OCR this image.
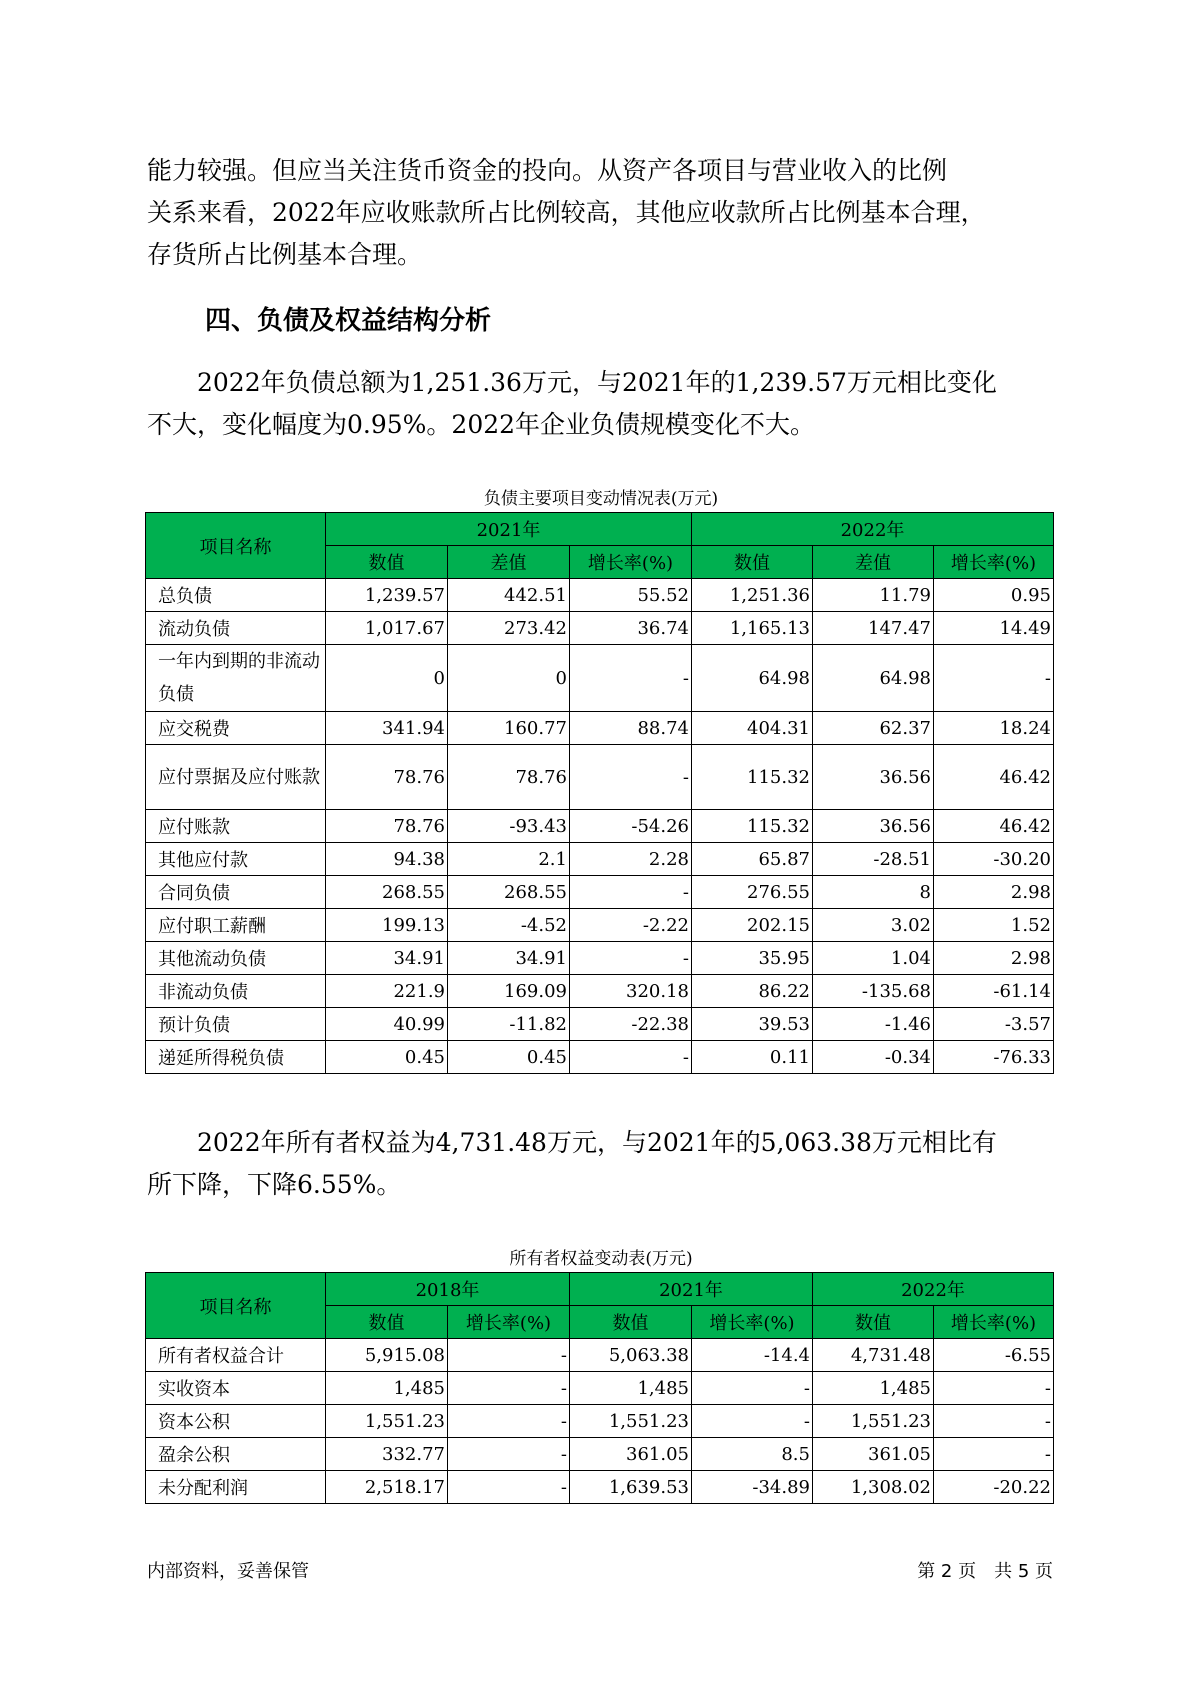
能力较强。但应当关注货币资金的投向。从资产各项目与营业收入的比例
关系来看，2022年应收账款所占比例较高，其他应收款所占比例基本合理，
存货所占比例基本合理。

四、负债及权益结构分析

　　2022年负债总额为1,251.36万元，与2021年的1,239.57万元相比变化
不大，变化幅度为0.95%。2022年企业负债规模变化不大。

负债主要项目变动情况表(万元)
项目名称	2021年			2022年		
	数值	差值	增长率(%)	数值	差值	增长率(%)
总负债	1,239.57	442.51	55.52	1,251.36	11.79	0.95
流动负债	1,017.67	273.42	36.74	1,165.13	147.47	14.49
一年内到期的非流动负债	0	0	-	64.98	64.98	-
应交税费	341.94	160.77	88.74	404.31	62.37	18.24
应付票据及应付账款	78.76	78.76	-	115.32	36.56	46.42
应付账款	78.76	-93.43	-54.26	115.32	36.56	46.42
其他应付款	94.38	2.1	2.28	65.87	-28.51	-30.20
合同负债	268.55	268.55	-	276.55	8	2.98
应付职工薪酬	199.13	-4.52	-2.22	202.15	3.02	1.52
其他流动负债	34.91	34.91	-	35.95	1.04	2.98
非流动负债	221.9	169.09	320.18	86.22	-135.68	-61.14
预计负债	40.99	-11.82	-22.38	39.53	-1.46	-3.57
递延所得税负债	0.45	0.45	-	0.11	-0.34	-76.33

　　2022年所有者权益为4,731.48万元，与2021年的5,063.38万元相比有
所下降，下降6.55%。

所有者权益变动表(万元)
项目名称	2018年		2021年		2022年	
	数值	增长率(%)	数值	增长率(%)	数值	增长率(%)
所有者权益合计	5,915.08	-	5,063.38	-14.4	4,731.48	-6.55
实收资本	1,485	-	1,485	-	1,485	-
资本公积	1,551.23	-	1,551.23	-	1,551.23	-
盈余公积	332.77	-	361.05	8.5	361.05	-
未分配利润	2,518.17	-	1,639.53	-34.89	1,308.02	-20.22
内部资料，妥善保管	第 2 页　共 5 页
